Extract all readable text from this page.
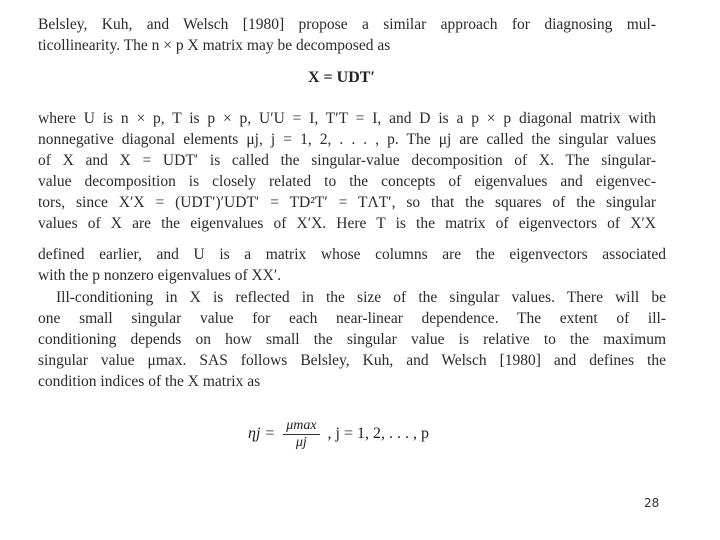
Belsley, Kuh, and Welsch [1980] propose a similar approach for diagnosing mul-
ticollinearity. The n × p X matrix may be decomposed as
X = UDT′
where U is n × p, T is p × p, U′U = I, T′T = I, and D is a p × p diagonal matrix with
nonnegative diagonal elements μj, j = 1, 2, . . . , p. The μj are called the singular values
of X and X = UDT′ is called the singular-value decomposition of X. The singular-
value decomposition is closely related to the concepts of eigenvalues and eigenvec-
tors, since X′X = (UDT′)′UDT′ = TD²T′ = TΛT′, so that the squares of the singular
values of X are the eigenvalues of X′X. Here T is the matrix of eigenvectors of X′X
defined earlier, and U is a matrix whose columns are the eigenvectors associated
with the p nonzero eigenvalues of XX′.
Ill-conditioning in X is reflected in the size of the singular values. There will be
one small singular value for each near-linear dependence. The extent of ill-
conditioning depends on how small the singular value is relative to the maximum
singular value μmax. SAS follows Belsley, Kuh, and Welsch [1980] and defines the
condition indices of the X matrix as
$\eta j = \frac{\mu\max}{\mu j}$ , j = 1, 2, . . . , p
28
